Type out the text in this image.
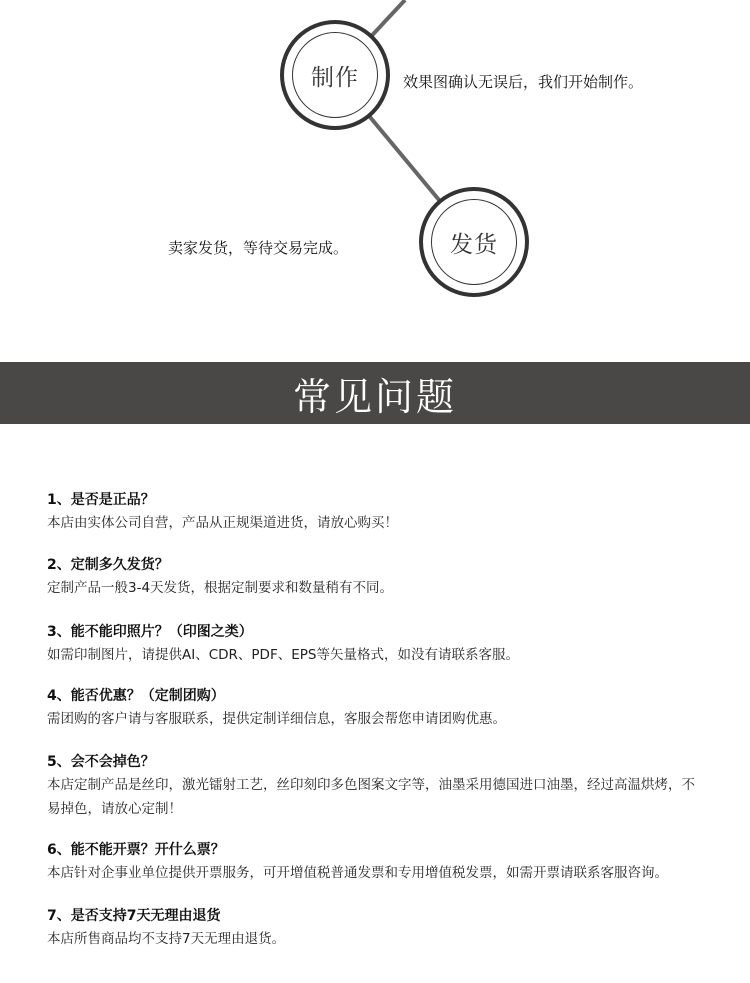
制作	效果图确认无误后，我们开始制作。
发货
卖家发货，等待交易完成。
常见问题
1、是否是正品？
本店由实体公司自营，产品从正规渠道进货，请放心购买！
2、定制多久发货？
定制产品一般3-4天发货，根据定制要求和数量稍有不同。
3、能不能印照片？（印图之类）
如需印制图片，请提供AI、CDR、PDF、EPS等矢量格式，如没有请联系客服。
4、能否优惠？（定制团购）
需团购的客户请与客服联系，提供定制详细信息，客服会帮您申请团购优惠。
5、会不会掉色？
本店定制产品是丝印，激光镭射工艺，丝印刻印多色图案文字等，油墨采用德国进口油墨，经过高温烘烤，不易掉色，请放心定制！
6、能不能开票？开什么票？
本店针对企事业单位提供开票服务，可开增值税普通发票和专用增值税发票，如需开票请联系客服咨询。
7、是否支持7天无理由退货
本店所售商品均不支持7天无理由退货。
